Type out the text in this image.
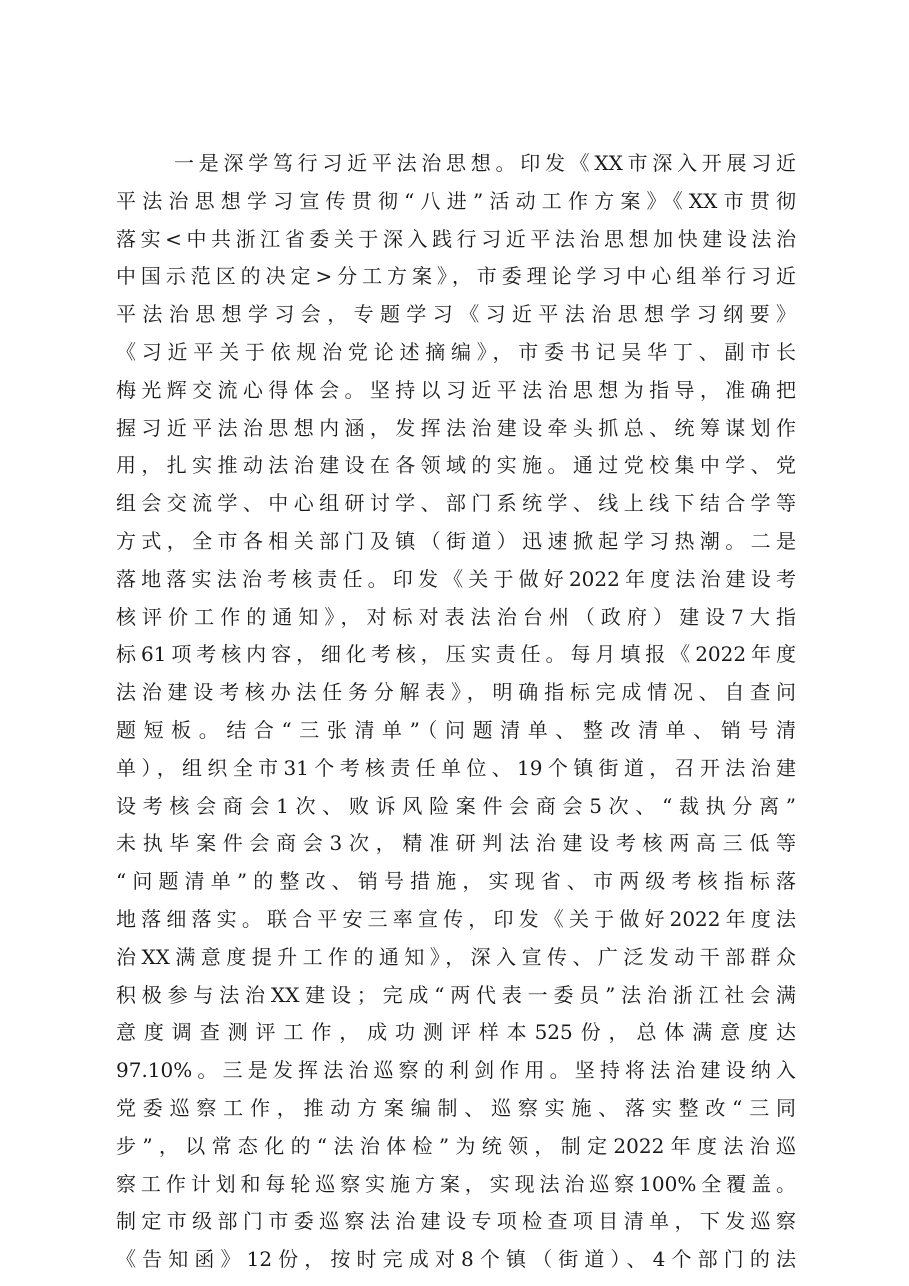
一是深学笃行习近平法治思想。印发《XX市深入开展习近
平法治思想学习宣传贯彻“八进”活动工作方案》《XX市贯彻
落实<中共浙江省委关于深入践行习近平法治思想加快建设法治
中国示范区的决定>分工方案》，市委理论学习中心组举行习近
平法治思想学习会，专题学习《习近平法治思想学习纲要》
《习近平关于依规治党论述摘编》，市委书记吴华丁、副市长
梅光辉交流心得体会。坚持以习近平法治思想为指导，准确把
握习近平法治思想内涵，发挥法治建设牵头抓总、统筹谋划作
用，扎实推动法治建设在各领域的实施。通过党校集中学、党
组会交流学、中心组研讨学、部门系统学、线上线下结合学等
方式，全市各相关部门及镇（街道）迅速掀起学习热潮。二是
落地落实法治考核责任。印发《关于做好2022年度法治建设考
核评价工作的通知》，对标对表法治台州（政府）建设7大指
标61项考核内容，细化考核，压实责任。每月填报《2022年度
法治建设考核办法任务分解表》，明确指标完成情况、自查问
题短板。结合“三张清单”（问题清单、整改清单、销号清
单），组织全市31个考核责任单位、19个镇街道，召开法治建
设考核会商会1次、败诉风险案件会商会5次、“裁执分离”
未执毕案件会商会3次，精准研判法治建设考核两高三低等
“问题清单”的整改、销号措施，实现省、市两级考核指标落
地落细落实。联合平安三率宣传，印发《关于做好2022年度法
治XX满意度提升工作的通知》，深入宣传、广泛发动干部群众
积极参与法治XX建设；完成“两代表一委员”法治浙江社会满
意度调查测评工作，成功测评样本525份，总体满意度达
97.10%。三是发挥法治巡察的利剑作用。坚持将法治建设纳入
党委巡察工作，推动方案编制、巡察实施、落实整改“三同
步”，以常态化的“法治体检”为统领，制定2022年度法治巡
察工作计划和每轮巡察实施方案，实现法治巡察100%全覆盖。
制定市级部门市委巡察法治建设专项检查项目清单，下发巡察
《告知函》12份，按时完成对8个镇（街道）、4个部门的法
